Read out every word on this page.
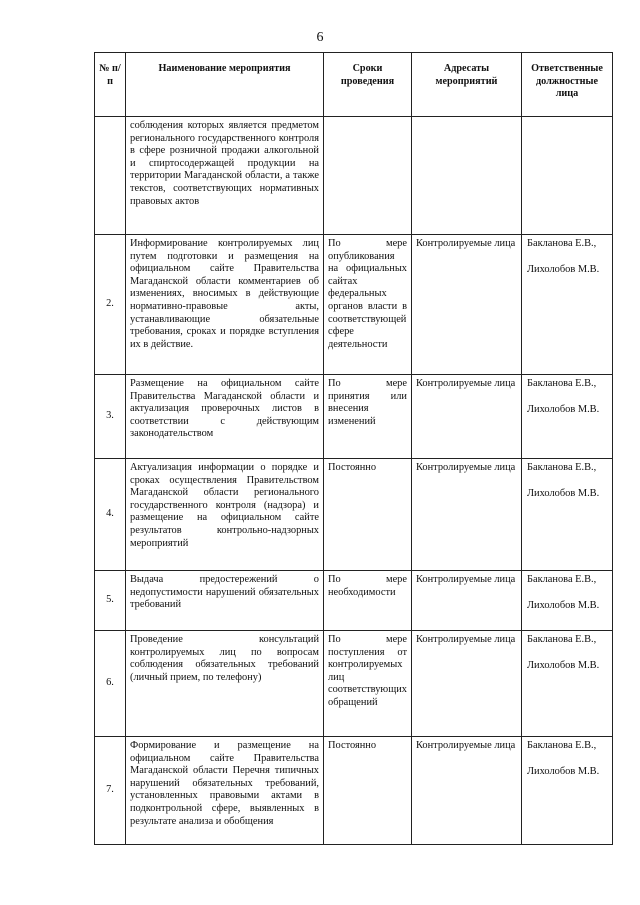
6
№ п/п	Наименование мероприятия	Сроки проведения	Адресаты мероприятий	Ответственные должностные лица
	соблюдения которых является предметом регионального государственного контроля в сфере розничной продажи алкогольной и спиртосодержащей продукции на территории Магаданской области, а также текстов, соответствующих нормативных правовых актов			

2.	Информирование контролируемых лиц путем подготовки и размещения на официальном сайте Правительства Магаданской области комментариев об изменениях, вносимых в действующие нормативно-правовые акты, устанавливающие обязательные требования, сроках и порядке вступления их в действие.	По мере опубликования на официальных сайтах федеральных органов власти в соответствующей сфере деятельности	Контролируемые лица	Бакланова Е.В.,
Лихолобов М.В.

3.	Размещение на официальном сайте Правительства Магаданской области и актуализация проверочных листов в соответствии с действующим законодательством	По мере принятия или внесения изменений	Контролируемые лица	Бакланова Е.В.,
Лихолобов М.В.

4.	Актуализация информации о порядке и сроках осуществления Правительством Магаданской области регионального государственного контроля (надзора) и размещение на официальном сайте результатов контрольно-надзорных мероприятий	Постоянно	Контролируемые лица	Бакланова Е.В.,
Лихолобов М.В.

5.	Выдача предостережений о недопустимости нарушений обязательных требований	По мере необходимости	Контролируемые лица	Бакланова Е.В.,
Лихолобов М.В.

6.	Проведение консультаций контролируемых лиц по вопросам соблюдения обязательных требований (личный прием, по телефону)	По мере поступления от контролируемых лиц соответствующих обращений	Контролируемые лица	Бакланова Е.В.,
Лихолобов М.В.

7.	Формирование и размещение на официальном сайте Правительства Магаданской области Перечня типичных нарушений обязательных требований, установленных правовыми актами в подконтрольной сфере, выявленных в результате анализа и обобщения	Постоянно	Контролируемые лица	Бакланова Е.В.,
Лихолобов М.В.
